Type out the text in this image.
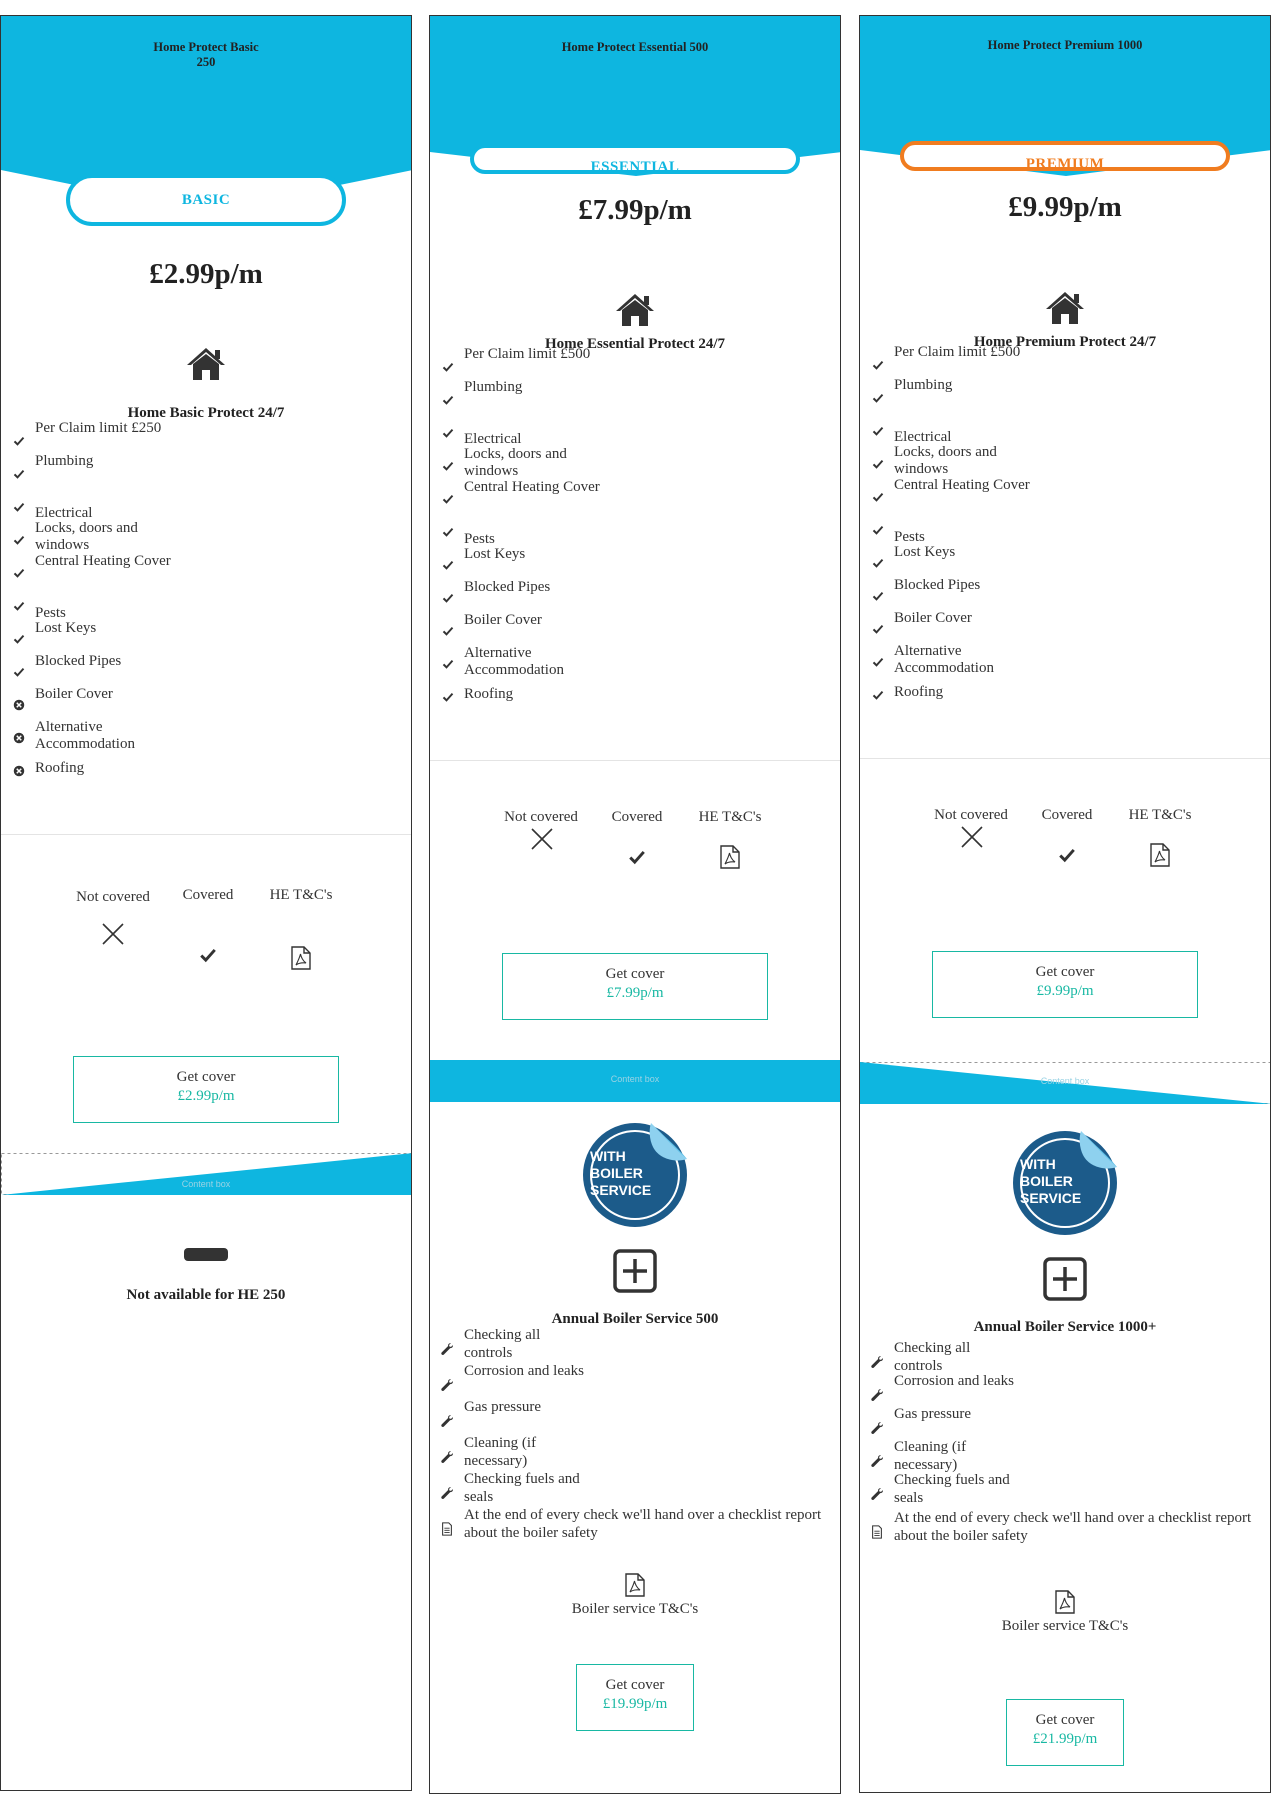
Home Protect Basic
250
BASIC
£2.99p/m
Home Basic Protect 24/7
Per Claim limit £250
Plumbing
Electrical
Locks, doors and windows
Central Heating Cover
Pests
Lost Keys
Blocked Pipes
Boiler Cover
Alternative Accommodation
Roofing
Not covered	Covered	HE T&C's
Get cover
£2.99p/m
Content box
Not available for HE 250
Home Protect Essential 500
ESSENTIAL
£7.99p/m
Home Essential Protect 24/7
Per Claim limit £500
Plumbing
Electrical
Locks, doors and windows
Central Heating Cover
Pests
Lost Keys
Blocked Pipes
Boiler Cover
Alternative Accommodation
Roofing
Not covered	Covered	HE T&C's
Get cover
£7.99p/m
Content box
WITH
BOILER
SERVICE
Annual Boiler Service 500
Checking all controls
Corrosion and leaks
Gas pressure
Cleaning (if necessary)
Checking fuels and seals
At the end of every check we'll hand over a checklist report about the boiler safety
Boiler service T&C's
Get cover
£19.99p/m
Home Protect Premium 1000
PREMIUM
£9.99p/m
Home Premium Protect 24/7
Per Claim limit £500
Plumbing
Electrical
Locks, doors and windows
Central Heating Cover
Pests
Lost Keys
Blocked Pipes
Boiler Cover
Alternative Accommodation
Roofing
Not covered	Covered	HE T&C's
Get cover
£9.99p/m
Content box
WITH
BOILER
SERVICE
Annual Boiler Service 1000+
Checking all controls
Corrosion and leaks
Gas pressure
Cleaning (if necessary)
Checking fuels and seals
At the end of every check we'll hand over a checklist report about the boiler safety
Boiler service T&C's
Get cover
£21.99p/m
